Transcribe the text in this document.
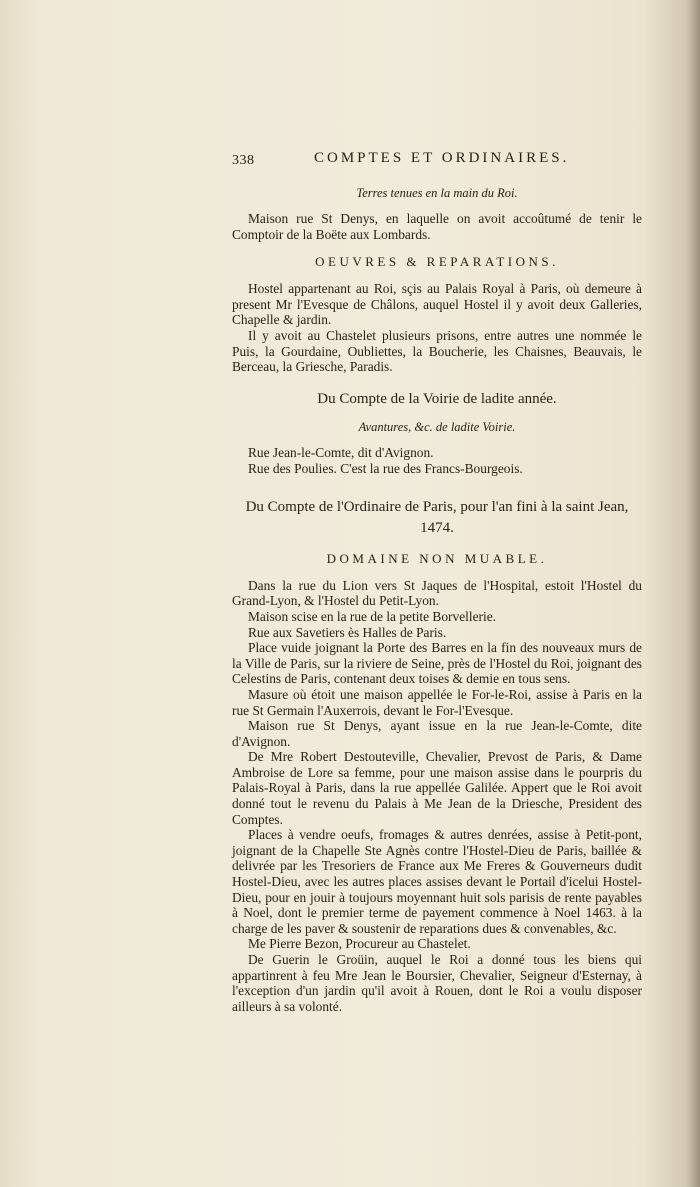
338	COMPTES ET ORDINAIRES.
Terres tenues en la main du Roi.

Maison rue St Denys, en laquelle on avoit accoûtumé de tenir le Comptoir de la Boëte aux Lombards.

OEUVRES & REPARATIONS.

Hostel appartenant au Roi, sçis au Palais Royal à Paris, où demeure à present Mr l'Evesque de Châlons, auquel Hostel il y avoit deux Galleries, Chapelle & jardin.

Il y avoit au Chastelet plusieurs prisons, entre autres une nommée le Puis, la Gourdaine, Oubliettes, la Boucherie, les Chaisnes, Beauvais, le Berceau, la Griesche, Paradis.

Du Compte de la Voirie de ladite année.
Avantures, &c. de ladite Voirie.
Rue Jean-le-Comte, dit d'Avignon.
Rue des Poulies. C'est la rue des Francs-Bourgeois.
Du Compte de l'Ordinaire de Paris, pour l'an fini à la saint Jean, 1474.
DOMAINE NON MUABLE.

Dans la rue du Lion vers St Jaques de l'Hospital, estoit l'Hostel du Grand-Lyon, & l'Hostel du Petit-Lyon.

Maison scise en la rue de la petite Borvellerie.

Rue aux Savetiers ès Halles de Paris.

Place vuide joignant la Porte des Barres en la fin des nouveaux murs de la Ville de Paris, sur la riviere de Seine, près de l'Hostel du Roi, joignant des Celestins de Paris, contenant deux toises & demie en tous sens.

Masure où étoit une maison appellée le For-le-Roi, assise à Paris en la rue St Germain l'Auxerrois, devant le For-l'Evesque.

Maison rue St Denys, ayant issue en la rue Jean-le-Comte, dite d'Avignon.

De Mre Robert Destouteville, Chevalier, Prevost de Paris, & Dame Ambroise de Lore sa femme, pour une maison assise dans le pourpris du Palais-Royal à Paris, dans la rue appellée Galilée. Appert que le Roi avoit donné tout le revenu du Palais à Me Jean de la Driesche, President des Comptes.

Places à vendre oeufs, fromages & autres denrées, assise à Petit-pont, joignant de la Chapelle Ste Agnès contre l'Hostel-Dieu de Paris, baillée & delivrée par les Tresoriers de France aux Me Freres & Gouverneurs dudit Hostel-Dieu, avec les autres places assises devant le Portail d'icelui Hostel-Dieu, pour en jouir à toujours moyennant huit sols parisis de rente payables à Noel, dont le premier terme de payement commence à Noel 1463. à la charge de les paver & soustenir de reparations dues & convenables, &c.

Me Pierre Bezon, Procureur au Chastelet.

De Guerin le Groüin, auquel le Roi a donné tous les biens qui appartinrent à feu Mre Jean le Boursier, Chevalier, Seigneur d'Esternay, à l'exception d'un jardin qu'il avoit à Rouen, dont le Roi a voulu disposer ailleurs à sa volonté.
